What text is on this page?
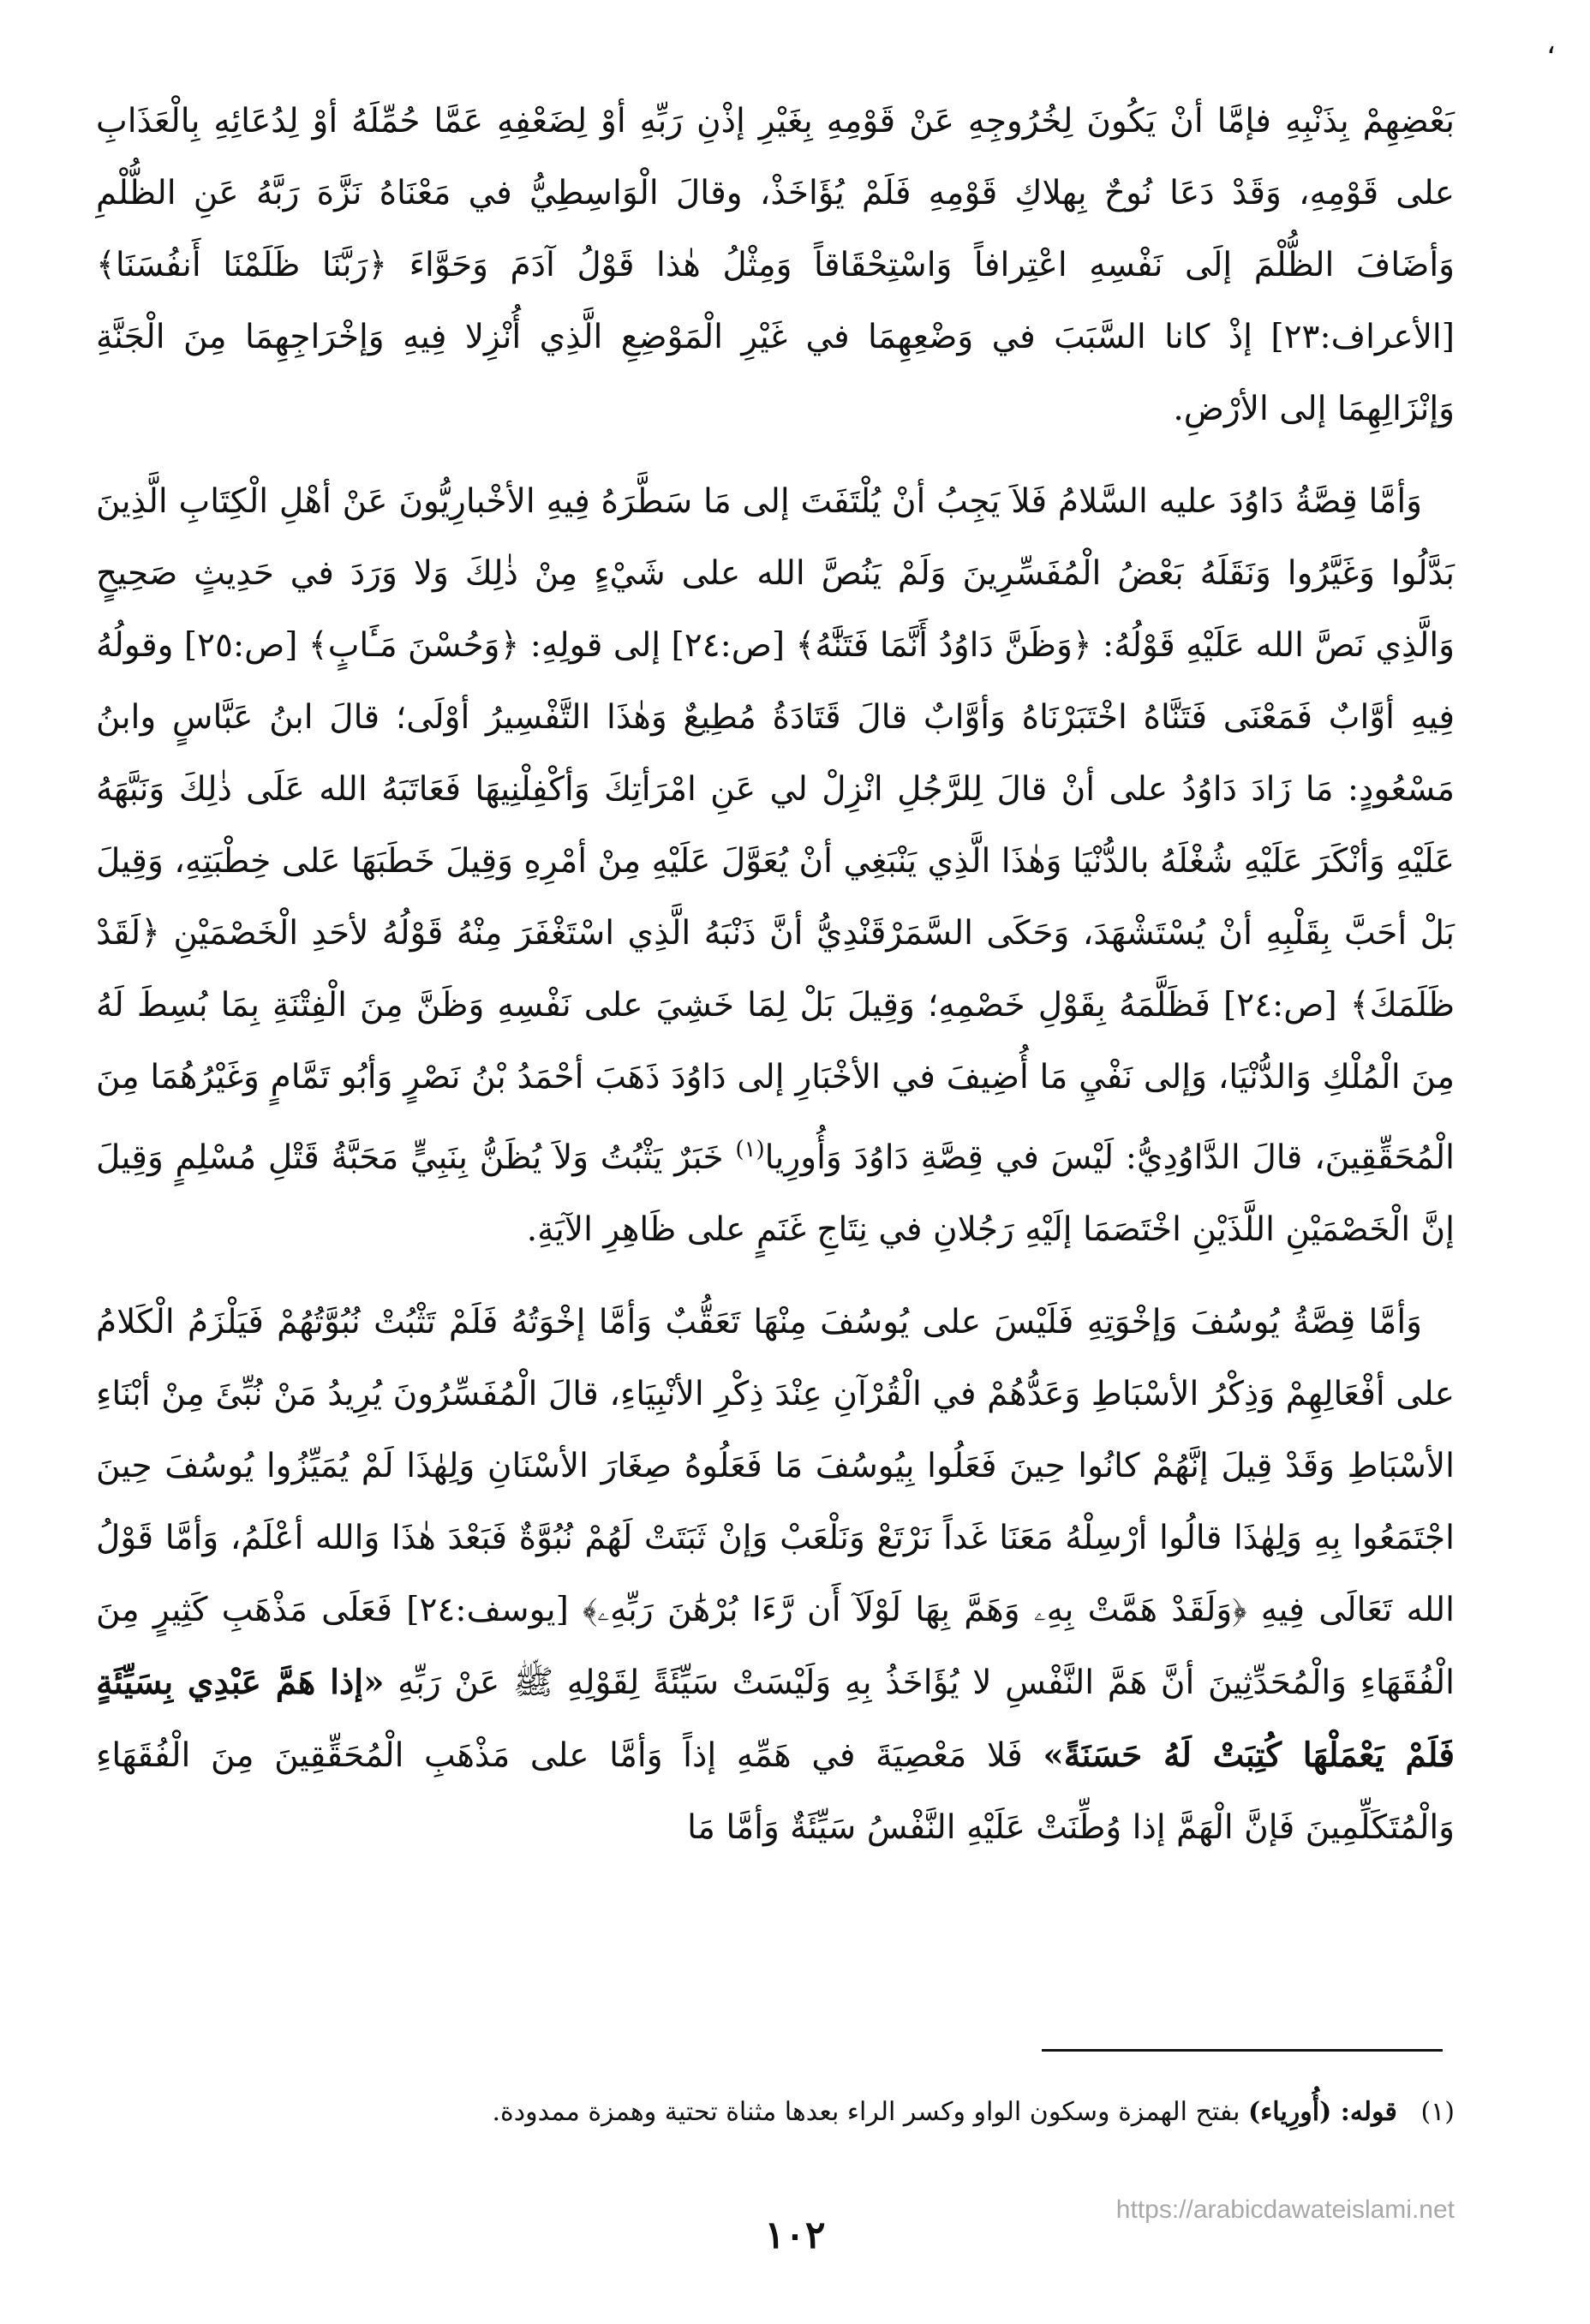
،

بَعْضِهِمْ بِذَنْبِهِ فإمَّا أنْ يَكُونَ لِخُرُوجِهِ عَنْ قَوْمِهِ بِغَيْرِ إذْنِ رَبِّهِ أوْ لِضَعْفِهِ عَمَّا حُمِّلَهُ أوْ لِدُعَائِهِ بِالْعَذَابِ على قَوْمِهِ، وَقَدْ دَعَا نُوحٌ بِهلاكِ قَوْمِهِ فَلَمْ يُؤَاخَذْ، وقالَ الْوَاسِطِيُّ في مَعْنَاهُ نَزَّهَ رَبَّهُ عَنِ الظُّلْمِ وَأضَافَ الظُّلْمَ إلَى نَفْسِهِ اعْتِرافاً وَاسْتِحْقَاقاً وَمِثْلُ هٰذا قَوْلُ آدَمَ وَحَوَّاءَ ﴿رَبَّنَا ظَلَمْنَا أَنفُسَنَا﴾ [الأعراف:٢٣] إذْ كانا السَّبَبَ في وَضْعِهِمَا في غَيْرِ الْمَوْضِعِ الَّذِي أُنْزِلا فِيهِ وَإخْرَاجِهِمَا مِنَ الْجَنَّةِ وَإنْزَالِهِمَا إلى الأرْضِ.

وَأمَّا قِصَّةُ دَاوُدَ عليه السَّلامُ فَلاَ يَجِبُ أنْ يُلْتَفَتَ إلى مَا سَطَّرَهُ فِيهِ الأخْبارِيُّونَ عَنْ أهْلِ الْكِتَابِ الَّذِينَ بَدَّلُوا وَغَيَّرُوا وَنَقَلَهُ بَعْضُ الْمُفَسِّرِينَ وَلَمْ يَنُصَّ الله على شَيْءٍ مِنْ ذٰلِكَ وَلا وَرَدَ في حَدِيثٍ صَحِيحٍ وَالَّذِي نَصَّ الله عَلَيْهِ قَوْلُهُ: ﴿وَظَنَّ دَاوُدُ أَنَّمَا فَتَنَّٰهُ﴾ [ص:٢٤] إلى قولِهِ: ﴿وَحُسْنَ مَـَٔابٍ﴾ [ص:٢٥] وقولُهُ فِيهِ أوَّابٌ فَمَعْنَى فَتَنَّاهُ اخْتَبَرْنَاهُ وَأوَّابٌ قالَ قَتَادَةُ مُطِيعٌ وَهٰذَا التَّفْسِيرُ أوْلَى؛ قالَ ابنُ عَبَّاسٍ وابنُ مَسْعُودٍ: مَا زَادَ دَاوُدُ على أنْ قالَ لِلرَّجُلِ انْزِلْ لي عَنِ امْرَأتِكَ وَأكْفِلْنِيهَا فَعَاتَبَهُ الله عَلَى ذٰلِكَ وَنَبَّهَهُ عَلَيْهِ وَأنْكَرَ عَلَيْهِ شُغْلَهُ بالدُّنْيَا وَهٰذَا الَّذِي يَنْبَغِي أنْ يُعَوَّلَ عَلَيْهِ مِنْ أمْرِهِ وَقِيلَ خَطَبَهَا عَلى خِطْبَتِهِ، وَقِيلَ بَلْ أحَبَّ بِقَلْبِهِ أنْ يُسْتَشْهَدَ، وَحَكَى السَّمَرْقَنْدِيُّ أنَّ ذَنْبَهُ الَّذِي اسْتَغْفَرَ مِنْهُ قَوْلُهُ لأحَدِ الْخَصْمَيْنِ ﴿لَقَدْ ظَلَمَكَ﴾ [ص:٢٤] فَظَلَّمَهُ بِقَوْلِ خَصْمِهِ؛ وَقِيلَ بَلْ لِمَا خَشِيَ على نَفْسِهِ وَظَنَّ مِنَ الْفِتْنَةِ بِمَا بُسِطَ لَهُ مِنَ الْمُلْكِ وَالدُّنْيَا، وَإلى نَفْيِ مَا أُضِيفَ في الأخْبَارِ إلى دَاوُدَ ذَهَبَ أحْمَدُ بْنُ نَصْرٍ وَأبُو تَمَّامٍ وَغَيْرُهُمَا مِنَ الْمُحَقِّقِينَ، قالَ الدَّاوُدِيُّ: لَيْسَ في قِصَّةِ دَاوُدَ وَأُورِيا$^{(١)}$ خَبَرٌ يَثْبُتُ وَلاَ يُظَنُّ بِنَبِيٍّ مَحَبَّةُ قَتْلِ مُسْلِمٍ وَقِيلَ إنَّ الْخَصْمَيْنِ اللَّذَيْنِ اخْتَصَمَا إلَيْهِ رَجُلانِ في نِتَاجِ غَنَمٍ على ظَاهِرِ الآيَةِ.

وَأمَّا قِصَّةُ يُوسُفَ وَإخْوَتِهِ فَلَيْسَ على يُوسُفَ مِنْهَا تَعَقُّبٌ وَأمَّا إخْوَتُهُ فَلَمْ تَثْبُتْ نُبُوَّتُهُمْ فَيَلْزَمُ الْكَلامُ على أفْعَالِهِمْ وَذِكْرُ الأسْبَاطِ وَعَدُّهُمْ في الْقُرْآنِ عِنْدَ ذِكْرِ الأنْبِيَاءِ، قالَ الْمُفَسِّرُونَ يُرِيدُ مَنْ نُبِّئَ مِنْ أبْنَاءِ الأسْبَاطِ وَقَدْ قِيلَ إنَّهُمْ كانُوا حِينَ فَعَلُوا بِيُوسُفَ مَا فَعَلُوهُ صِغَارَ الأسْنَانِ وَلِهٰذَا لَمْ يُمَيِّزُوا يُوسُفَ حِينَ اجْتَمَعُوا بِهِ وَلِهٰذَا قالُوا أرْسِلْهُ مَعَنَا غَداً نَرْتَعْ وَنَلْعَبْ وَإنْ ثَبَتَتْ لَهُمْ نُبُوَّةٌ فَبَعْدَ هٰذَا وَالله أعْلَمُ، وَأمَّا قَوْلُ الله تَعَالَى فِيهِ ﴿وَلَقَدْ هَمَّتْ بِهِۦ وَهَمَّ بِهَا لَوْلَآ أَن رَّءَا بُرْهَٰنَ رَبِّهِۦ﴾ [يوسف:٢٤] فَعَلَى مَذْهَبِ كَثِيرٍ مِنَ الْفُقَهَاءِ وَالْمُحَدِّثِينَ أنَّ هَمَّ النَّفْسِ لا يُؤَاخَذُ بِهِ وَلَيْسَتْ سَيِّئَةً لِقَوْلِهِ ﷺ عَنْ رَبِّهِ «إذا هَمَّ عَبْدِي بِسَيِّئَةٍ فَلَمْ يَعْمَلْهَا كُتِبَتْ لَهُ حَسَنَةً» فَلا مَعْصِيَةَ في هَمِّهِ إذاً وَأمَّا على مَذْهَبِ الْمُحَقِّقِينَ مِنَ الْفُقَهَاءِ وَالْمُتَكَلِّمِينَ فَإنَّ الْهَمَّ إذا وُطِّنَتْ عَلَيْهِ النَّفْسُ سَيِّئَةٌ وَأمَّا مَا

(١) قوله: (أُورِياء) بفتح الهمزة وسكون الواو وكسر الراء بعدها مثناة تحتية وهمزة ممدودة.
https://arabicdawateislami.net
١٠٢
